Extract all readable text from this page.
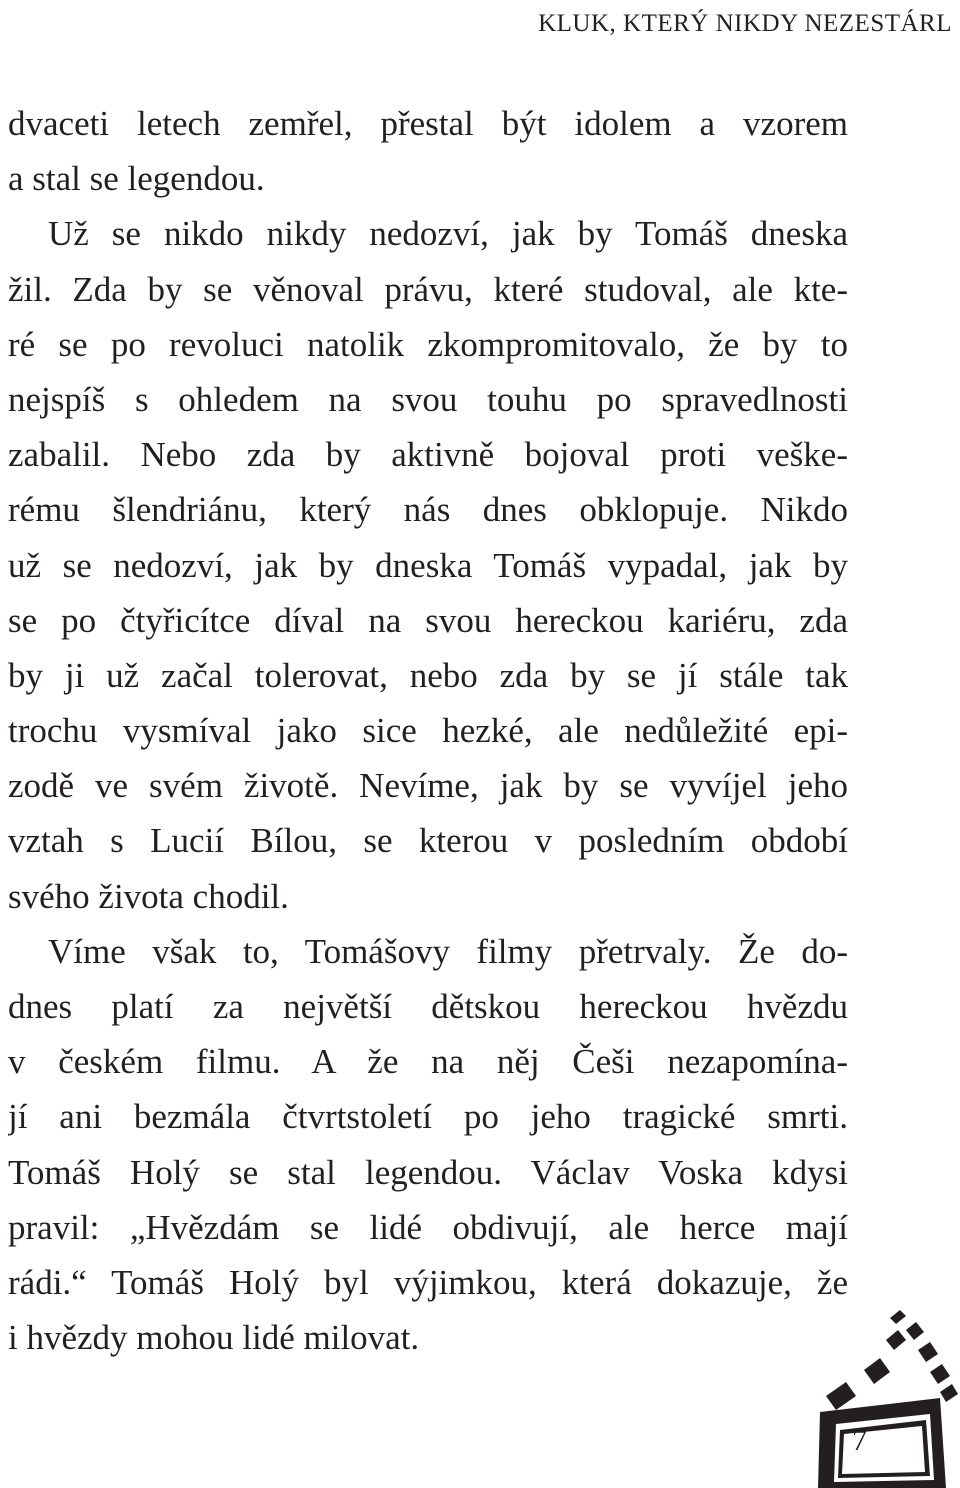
KLUK, KTERÝ NIKDY NEZESTÁRL
dvaceti letech zemřel, přestal být idolem a vzorem
a stal se legendou.
Už se nikdo nikdy nedozví, jak by Tomáš dneska
žil. Zda by se věnoval právu, které studoval, ale kte-
ré se po revoluci natolik zkompromitovalo, že by to
nejspíš s ohledem na svou touhu po spravedlnosti
zabalil. Nebo zda by aktivně bojoval proti veške-
rému šlendriánu, který nás dnes obklopuje. Nikdo
už se nedozví, jak by dneska Tomáš vypadal, jak by
se po čtyřicítce díval na svou hereckou kariéru, zda
by ji už začal tolerovat, nebo zda by se jí stále tak
trochu vysmíval jako sice hezké, ale nedůležité epi-
zodě ve svém životě. Nevíme, jak by se vyvíjel jeho
vztah s Lucií Bílou, se kterou v posledním období
svého života chodil.
Víme však to, Tomášovy filmy přetrvaly. Že do-
dnes platí za největší dětskou hereckou hvězdu
v českém filmu. A že na něj Češi nezapomína-
jí ani bezmála čtvrtstoletí po jeho tragické smrti.
Tomáš Holý se stal legendou. Václav Voska kdysi
pravil: „Hvězdám se lidé obdivují, ale herce mají
rádi.“ Tomáš Holý byl výjimkou, která dokazuje, že
i hvězdy mohou lidé milovat.
7
